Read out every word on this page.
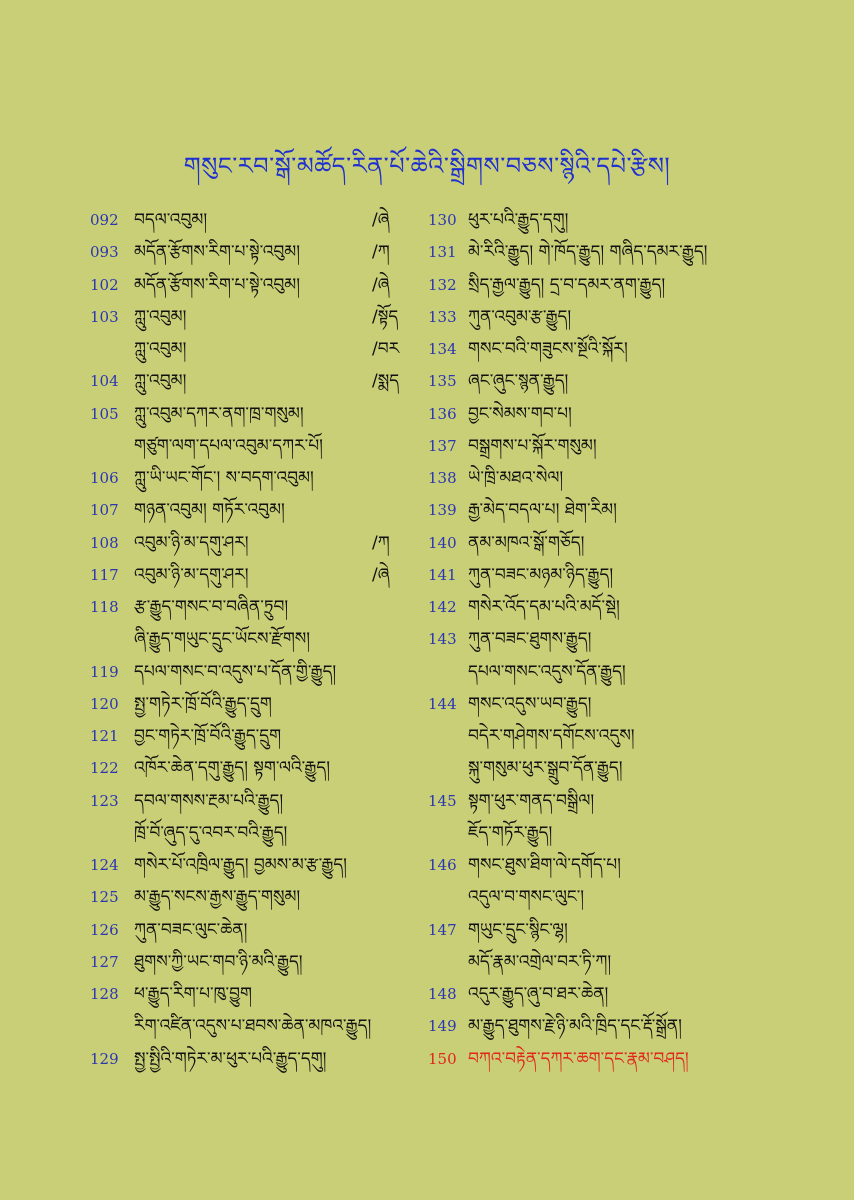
གསུང་རབ་སྒོ་མཚོད་རིན་པོ་ཆེའི་སྒྲིགས་བཅས་སྙིའི་དཔེ་རྩིས།
092 བདལ་འབུམ།	/ཞེ
093 མདོན་རྩོགས་རིག་པ་སྟེ་འབུམ།	/ཀ
102 མདོན་རྩོགས་རིག་པ་སྟེ་འབུམ།	/ཞེ
103 ཀླུ་འབུམ།	/སྟོད
ཀླུ་འབུམ།	/བར
104 ཀླུ་འབུམ།	/སྨད
105 ཀླུ་འབུམ་དཀར་ནག་ཁྲ་གསུམ།
གཙུག་ལག་དཔལ་འབུམ་དཀར་པོ།
106 ཀླུ་ཡི་ཡང་གོང་། ས་བདག་འབུམ།
107 གཉན་འབུམ། གཏོར་འབུམ།
108 འབུམ་ཉི་མ་དགུ་ཤར།	/ཀ
117 འབུམ་ཉི་མ་དགུ་ཤར།	/ཞེ
118 རྩ་རྒྱུད་གསང་བ་བཞིན་ཏྲུབ།
ཞི་རྒྱུད་གཡུང་དྲུང་ཡོངས་རྫོགས།
119 དཔལ་གསང་བ་འདུས་པ་དོན་གྱི་རྒྱུད།
120 སྤྱ་གཏེར་ཁྲོ་བོའི་རྒྱུད་དྲུག
121 བྱང་གཏེར་ཁྲོ་བོའི་རྒྱུད་དྲུག
122 འཁོར་ཆེན་དགུ་རྒྱུད། སྟག་ལའི་རྒྱུད།
123 དབལ་གསས་རྔམ་པའི་རྒྱུད།
ཁྲོ་བོ་ཞུད་དུ་འབར་བའི་རྒྱུད།
124 གསེར་པོ་འཁྲིལ་རྒྱུད། བྱམས་མ་རྩ་རྒྱུད།
125 མ་རྒྱུད་སངས་རྒྱས་རྒྱུད་གསུམ།
126 ཀུན་བཟང་ལུང་ཆེན།
127 ཐུགས་ཀྱི་ཡང་གབ་ཉི་མའི་རྒྱུད།
128 ཕ་རྒྱུད་རིག་པ་ཁུ་བྱུག
རིག་འཛིན་འདུས་པ་ཐབས་ཆེན་མཁའ་རྒྱུད།
129 སྤྱ་སྤྱིའི་གཏེར་མ་ཕུར་པའི་རྒྱུད་དགུ།
130 ཕུར་པའི་རྒྱུད་དགུ།
131 མེ་རིའི་རྒྱུད། གེ་ཁོད་རྒྱུད། གཞིད་དམར་རྒྱུད།
132 སྲིད་རྒྱལ་རྒྱུད། དྲ་བ་དམར་ནག་རྒྱུད།
133 ཀུན་འབུམ་རྩ་རྒྱུད།
134 གསང་བའི་གཟུངས་སྔོའི་སྐོར།
135 ཞང་ཞུང་སྙན་རྒྱུད།
136 བྱང་སེམས་གབ་པ།
137 བསྒྲགས་པ་སྐོར་གསུམ།
138 ཡེ་ཁྲི་མཐའ་སེལ།
139 རྒྱ་མེད་བདལ་པ། ཐེག་རིམ།
140 ནམ་མཁའ་སྒོ་གཅོད།
141 ཀུན་བཟང་མཉམ་ཉིད་རྒྱུད།
142 གསེར་འོད་དམ་པའི་མདོ་སྡེ།
143 ཀུན་བཟང་ཐུགས་རྒྱུད།
དཔལ་གསང་འདུས་དོན་རྒྱུད།
144 གསང་འདུས་ཡབ་རྒྱུད།
བདེར་གཤེགས་དགོངས་འདུས།
སྐུ་གསུམ་ཕུར་སྒྲུབ་དོན་རྒྱུད།
145 སྟག་ཕུར་གནད་བསྒྲིལ།
ཇོད་གཏོར་རྒྱུད།
146 གསང་ཐུས་ཐིག་ལེ་དགོད་པ།
འདུལ་བ་གསང་ལུང་།
147 གཡུང་དྲུང་སྙིང་ལྷ།
མདོ་རྣམ་འགྲེལ་བར་ཏི་ཀ།
148 འདུར་རྒྱུད་ཞུ་བ་ཐར་ཆེན།
149 མ་རྒྱུད་ཐུགས་རྗེ་ཉི་མའི་ཁྲིད་དང་རྡོ་སྒྲོན།
150 བཀའ་བརྟེན་དཀར་ཆག་དང་རྣམ་བཤད།
